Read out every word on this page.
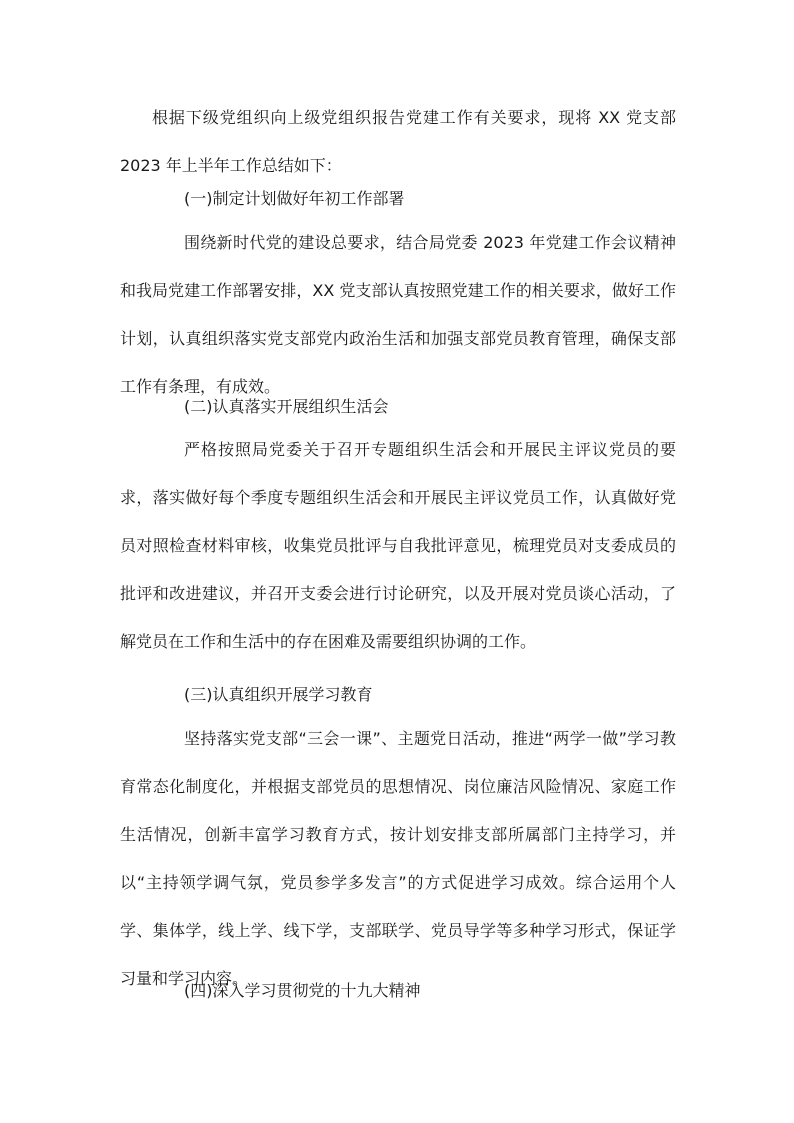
根据下级党组织向上级党组织报告党建工作有关要求，现将 XX 党支部 2023 年上半年工作总结如下：
(一)制定计划做好年初工作部署
围绕新时代党的建设总要求，结合局党委 2023 年党建工作会议精神和我局党建工作部署安排，XX 党支部认真按照党建工作的相关要求，做好工作计划，认真组织落实党支部党内政治生活和加强支部党员教育管理，确保支部工作有条理，有成效。
(二)认真落实开展组织生活会
严格按照局党委关于召开专题组织生活会和开展民主评议党员的要求，落实做好每个季度专题组织生活会和开展民主评议党员工作，认真做好党员对照检查材料审核，收集党员批评与自我批评意见，梳理党员对支委成员的批评和改进建议，并召开支委会进行讨论研究，以及开展对党员谈心活动，了解党员在工作和生活中的存在困难及需要组织协调的工作。
(三)认真组织开展学习教育
坚持落实党支部“三会一课”、主题党日活动，推进“两学一做”学习教育常态化制度化，并根据支部党员的思想情况、岗位廉洁风险情况、家庭工作生活情况，创新丰富学习教育方式，按计划安排支部所属部门主持学习，并以“主持领学调气氛，党员参学多发言”的方式促进学习成效。综合运用个人学、集体学，线上学、线下学，支部联学、党员导学等多种学习形式，保证学习量和学习内容。
(四)深入学习贯彻党的十九大精神
